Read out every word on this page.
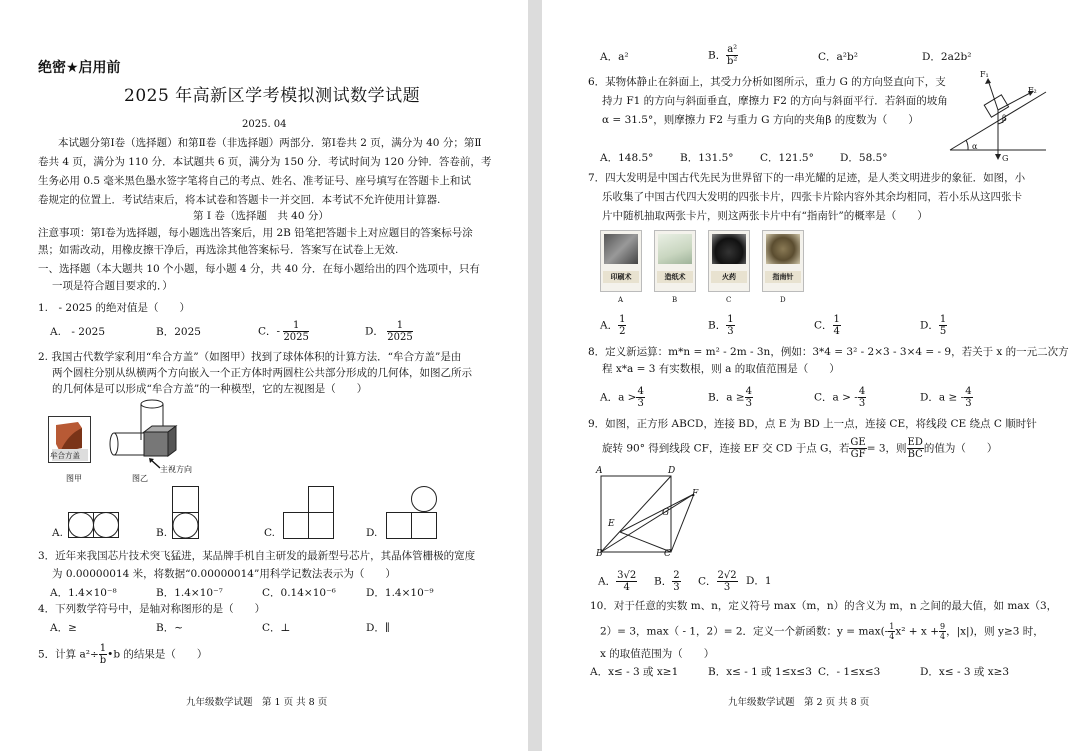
绝密★启用前
2025 年高新区学考模拟测试数学试题
2025. 04
本试题分第Ⅰ卷（选择题）和第Ⅱ卷（非选择题）两部分．第Ⅰ卷共 2 页，满分为 40 分；第Ⅱ
卷共 4 页，满分为 110 分．本试题共 6 页，满分为 150 分．考试时间为 120 分钟．答卷前，考
生务必用 0.5 毫米黑色墨水签字笔将自己的考点、姓名、准考证号、座号填写在答题卡上和试
卷规定的位置上．考试结束后，将本试卷和答题卡一并交回．本考试不允许使用计算器.
第 I 卷（选择题　共 40 分）
注意事项：第Ⅰ卷为选择题，每小题选出答案后，用 2B 铅笔把答题卡上对应题目的答案标号涂
黑；如需改动，用橡皮擦干净后，再选涂其他答案标号．答案写在试卷上无效.
一、选择题（本大题共 10 个小题，每小题 4 分，共 40 分．在每小题给出的四个选项中，只有
一项是符合题目要求的．）
1.　- 2025 的绝对值是（　　）
A.　- 2025	B．2025	C．- $\frac{1}{2025}$	D． $\frac{1}{2025}$
2. 我国古代数学家利用“牟合方盖”（如图甲）找到了球体体积的计算方法．“牟合方盖”是由
两个圆柱分别从纵横两个方向嵌入一个正方体时两圆柱公共部分形成的几何体，如图乙所示
的几何体是可以形成“牟合方盖”的一种模型，它的左视图是（　　）
牟合方盖
图甲
主视方向
图乙
A.	B.	C.	D.
3．近年来我国芯片技术突飞猛进，某品牌手机自主研发的最新型号芯片，其晶体管栅极的宽度
为 0.00000014 米，将数据“0.00000014”用科学记数法表示为（　　）
A．1.4×10⁻⁸	B．1.4×10⁻⁷	C．0.14×10⁻⁶	D．1.4×10⁻⁹
4．下列数学符号中，是轴对称图形的是（　　）
A．≥	B．∼	C．⊥	D．∥
5．计算 $a^2\div \frac{1}{b}$ •b 的结果是（　　）
九年级数学试题　第 1 页 共 8 页
A．a²	B． $\frac{\text{a²}}{\text{b²}}$	C．a²b²	D．2a2b²
6．某物体静止在斜面上，其受力分析如图所示，重力 G 的方向竖直向下，支
持力 F1 的方向与斜面垂直，摩擦力 F2 的方向与斜面平行．若斜面的坡角
α = 31.5°，则摩擦力 F2 与重力 G 方向的夹角β 的度数为（　　）
F₁
F₂
β
α
G
A．148.5°	B．131.5°	C．121.5° D．58.5°
7．四大发明是中国古代先民为世界留下的一串光耀的足迹，是人类文明进步的象征．如图，小
乐收集了中国古代四大发明的四张卡片，四张卡片除内容外其余均相同，若小乐从这四张卡
片中随机抽取两张卡片，则这两张卡片中有“指南针”的概率是（　　）
印刷术	造纸术	火药	指南针
A	B	C	D
A． $\frac{1}{2}$	B． $\frac{1}{3}$	C． $\frac{1}{4}$	D． $\frac{1}{5}$
8．定义新运算：m*n = m² - 2m - 3n，例如：3*4 = 3² - 2×3 - 3×4 = - 9，若关于 x 的一元二次方
程 x*a = 3 有实数根，则 a 的取值范围是（　　）
A．$a > \frac{4}{3}$	B．$a \ge \frac{4}{3}$	C．a > - $\frac{4}{3}$	D．a ≥ - $\frac{4}{3}$
9．如图，正方形 ABCD，连接 BD，点 E 为 BD 上一点，连接 CE，将线段 CE 绕点 C 顺时针
旋转 90° 得到线段 CF，连接 EF 交 CD 于点 G，若 $\frac{GE}{GF} = 3$，则 $\frac{ED}{BC}$ 的值为（　　）
A	D
F
G
E
B	C
A． $\frac{3√2}{4}$ B． $\frac{2}{3}$ C． $\frac{2√2}{3}$ D．1
10．对于任意的实数 m、n，定义符号 max（m，n）的含义为 m，n 之间的最大值，如 max（3，
2）= 3，max（ - 1，2）= 2．定义一个新函数：$y = \max(- \frac{1}{4} x^2 + x + \frac{9}{4}$ ，|x|)，则 y≥3 时，
x 的取值范围为（　　）
A．x≤ - 3 或 x≥1	B．x≤ - 1 或 1≤x≤3 C．- 1≤x≤3	D．x≤ - 3 或 x≥3
九年级数学试题　第 2 页 共 8 页
